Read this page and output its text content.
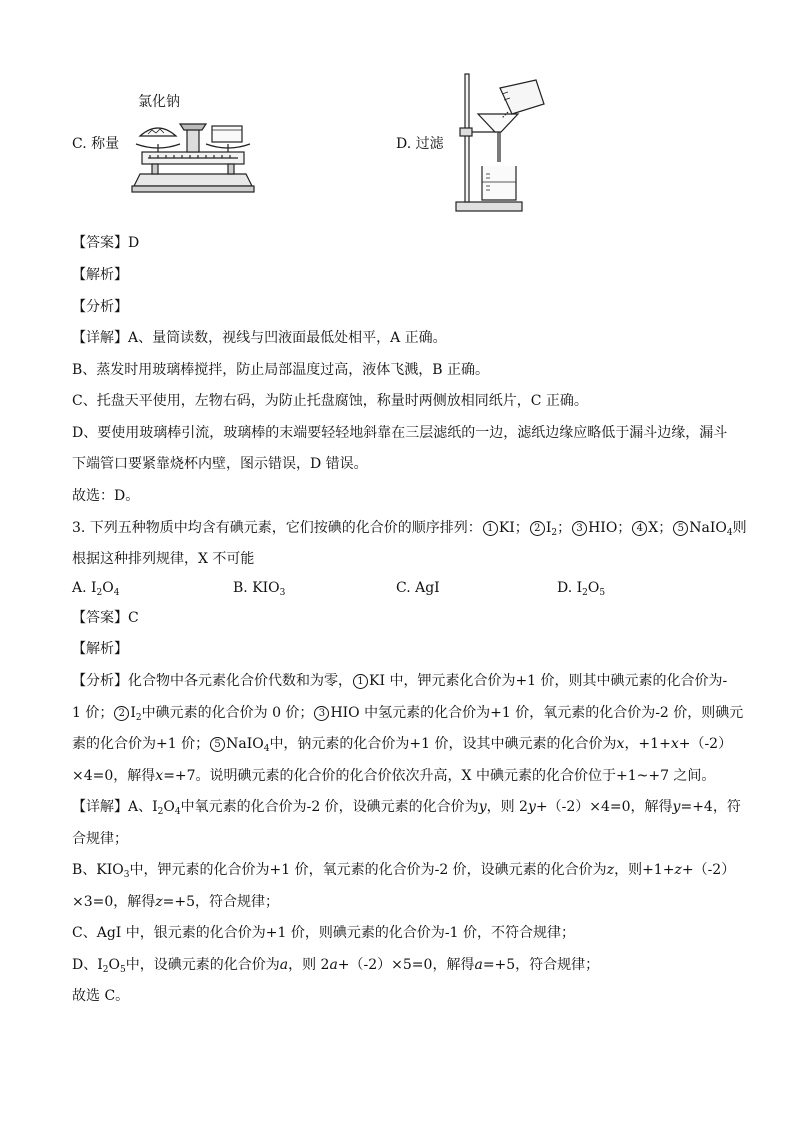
C. 称量
氯化钠
D. 过滤
【答案】D
【解析】
【分析】
【详解】A、量筒读数，视线与凹液面最低处相平，A 正确。
B、蒸发时用玻璃棒搅拌，防止局部温度过高，液体飞溅，B 正确。
C、托盘天平使用，左物右码，为防止托盘腐蚀，称量时两侧放相同纸片，C 正确。
D、要使用玻璃棒引流，玻璃棒的末端要轻轻地斜靠在三层滤纸的一边，滤纸边缘应略低于漏斗边缘，漏斗
下端管口要紧靠烧杯内壁，图示错误，D 错误。
故选：D。
3. 下列五种物质中均含有碘元素，它们按碘的化合价的顺序排列： 1 KI； 2 $I_2$； 3 HIO； 4 X； 5 NaIO$_4$则
根据这种排列规律，X 不可能
A. $I_2O_4$	B. $KIO_3$	C. AgI	D. $I_2O_5$
【答案】C
【解析】
【分析】化合物中各元素化合价代数和为零， 1 KI 中，钾元素化合价为+1 价，则其中碘元素的化合价为-
1 价； 2 $I_2$中碘元素的化合价为 0 价； 3 HIO 中氢元素的化合价为+1 价，氧元素的化合价为-2 价，则碘元
素的化合价为+1 价； 5 NaIO$_4$中，钠元素的化合价为+1 价，设其中碘元素的化合价为x，+1+x+（-2）
×4=0，解得x=+7。说明碘元素的化合价的化合价依次升高，X 中碘元素的化合价位于+1~+7 之间。
【详解】A、$I_2O_4$中氧元素的化合价为-2 价，设碘元素的化合价为y，则 2y+（-2）×4=0，解得y=+4，符
合规律；
B、$KIO_3$中，钾元素的化合价为+1 价，氧元素的化合价为-2 价，设碘元素的化合价为z，则+1+z+（-2）
×3=0，解得z=+5，符合规律；
C、AgI 中，银元素的化合价为+1 价，则碘元素的化合价为-1 价，不符合规律；
D、$I_2O_5$中，设碘元素的化合价为a，则 2a+（-2）×5=0，解得a=+5，符合规律；
故选 C。
